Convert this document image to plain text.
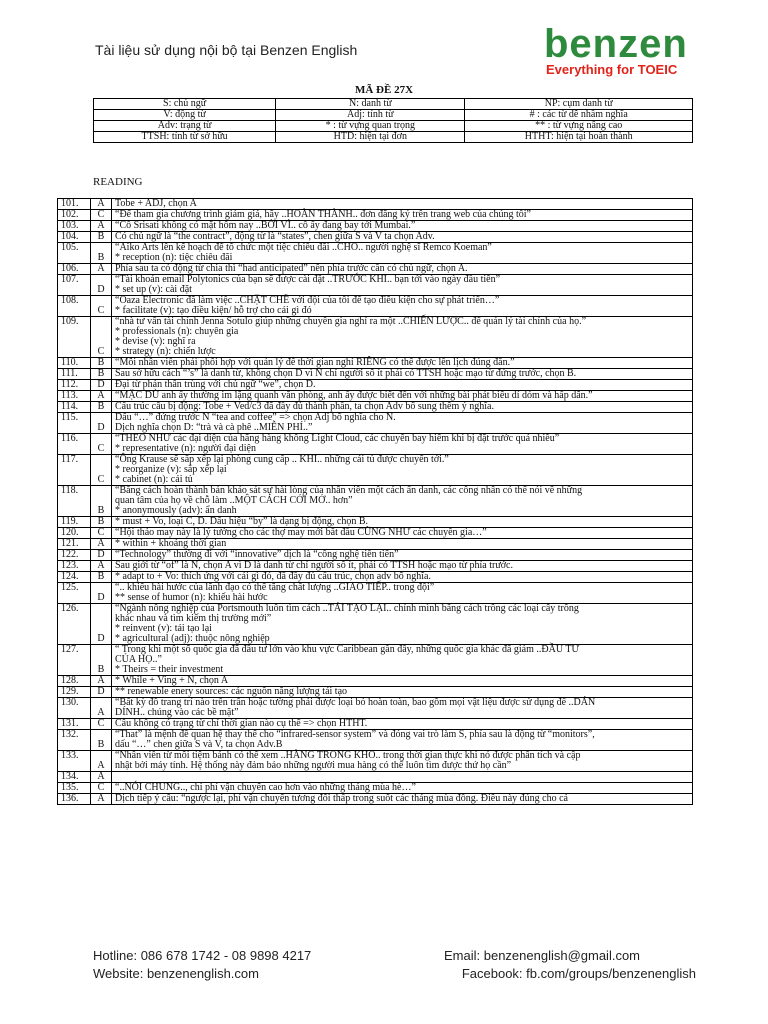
Tài liệu sử dụng nội bộ tại Benzen English	benzen
Everything for TOEIC
MÃ ĐỀ 27X
S: chủ ngữ	N: danh từ	NP: cụm danh từ
V: động từ	Adj: tính từ	# : các từ dễ nhầm nghĩa
Adv: trạng từ	* : từ vựng quan trọng	** : từ vựng nâng cao
TTSH: tính từ sở hữu	HTD: hiện tại đơn	HTHT: hiện tại hoàn thành
READING
101.	A	Tobe + ADJ, chọn A

102.	C	“Để tham gia chương trình giảm giá, hãy ..HOÀN THÀNH.. đơn đăng ký trên trang web của chúng tôi”

103.	A	“Cô Srisati không có mặt hôm nay ..BỞI VÌ.. cô ấy đang bay tới Mumbai.”

104.	B	Có chủ ngữ là “the contract”, động từ là “states”, chen giữa S và V ta chọn Adv.

105.	B	“Aiko Arts lên kế hoạch để tổ chức một tiệc chiêu đãi ..CHO.. người nghệ sĩ Remco Koeman”
* reception (n): tiệc chiêu đãi

106.	A	Phía sau ta có động từ chia thì “had anticipated” nên phía trước cần có chủ ngữ, chọn A.

107.	D	“Tài khoản email Polytonics của bạn sẽ được cài đặt ..TRƯỚC KHI.. bạn tới vào ngày đầu tiên”
* set up (v): cài đặt

108.	C	“Oaza Electronic đã làm việc ..CHẶT CHẼ với đội của tôi để tạo điều kiện cho sự phát triển…”
* facilitate (v): tạo điều kiện/ hỗ trợ cho cái gì đó

109.	C	“nhà tư vấn tài chính Jenna Sotulo giúp những chuyên gia nghỉ ra một ..CHIẾN LƯỢC.. để quản lý tài chính của họ.”
* professionals (n): chuyên gia
* devise (v): nghĩ ra
* strategy (n): chiến lược

110.	B	“Mỗi nhân viên phải phối hợp với quản lý để thời gian nghỉ RIÊNG có thể được lên lịch đúng đắn.”

111.	B	Sau sở hữu cách “’s” là danh từ, không chọn D vì N chỉ người số ít phải có TTSH hoặc mạo từ đứng trước, chọn B.

112.	D	Đại từ phản thân trùng với chủ ngữ “we”, chọn D.

113.	A	“MẶC DÙ anh ấy thường im lặng quanh văn phòng, anh ấy được biết đến với những bài phát biểu dí dỏm và hấp dẫn.”

114.	B	Cấu trúc câu bị động: Tobe + Ved/c3 đã đầy đủ thành phần, ta chọn Adv bổ sung thêm ý nghĩa.

115.	D	Dấu “…” đứng trước N “tea and coffee” => chọn Adj bổ nghĩa cho N.
Dịch nghĩa chọn D: “trà và cà phê ..MIỄN PHÍ..”

116.	C	“THEO NHƯ các đại diện của hãng hàng không Light Cloud, các chuyến bay hiếm khi bị đặt trước quá nhiều”
* representative (n): người đại diện

117.	C	“Ông Krause sẽ sắp xếp lại phòng cung cấp .. KHI.. những cái tủ được chuyển tới.”
* reorganize (v): sắp xếp lại
* cabinet (n): cái tủ

118.	B	“Bằng cách hoàn thành bản khảo sát sự hài lòng của nhân viên một cách ẩn danh, các công nhân có thể nói về những
quan tâm của họ về chỗ làm ..MỘT CÁCH CỞI MỞ.. hơn”
* anonymously (adv): ẩn danh

119.	B	* must + Vo, loại C, D. Dấu hiệu “by” là dạng bị động, chọn B.

120.	C	“Hội thảo may này là lý tưởng cho các thợ may mới bắt đầu CŨNG NHƯ các chuyên gia…”

121.	A	* within + khoảng thời gian

122.	D	“Technology” thường đi với “innovative” dịch là “công nghệ tiên tiến”

123.	A	Sau giới từ “of” là N, chọn A vì D là danh từ chỉ người số ít, phải có TTSH hoặc mạo từ phía trước.

124.	B	* adapt to + Vo: thích ứng với cái gì đó, đã đầy đủ cấu trúc, chọn adv bổ nghĩa.

125.	D	“.. khiếu hài hước của lãnh đạo có thể tăng chất lượng ..GIAO TIẾP.. trong đội”
** sense of humor (n): khiếu hài hước

126.	D	“Ngành nông nghiệp của Portsmouth luôn tìm cách ..TÁI TẠO LẠI.. chính mình bằng cách trồng các loại cây trồng
khác nhau và tìm kiếm thị trường mới”
* reinvent (v): tái tạo lại
* agricultural (adj): thuộc nông nghiệp

127.	B	“ Trong khi một số quốc gia đã đầu tư lớn vào khu vực Caribbean gần đây, những quốc gia khác đã giảm ..ĐẦU TƯ
CỦA HỌ..”
* Theirs = their investment

128.	A	* While + Ving + N, chọn A

129.	D	** renewable enery sources: các nguồn năng lượng tái tạo

130.	A	“Bất kỳ đồ trang trí nào trên trần hoặc tường phải được loại bỏ hoàn toàn, bao gồm mọi vật liệu được sử dụng để ..DÁN
DÍNH.. chúng vào các bề mặt”

131.	C	Câu không có trạng từ chỉ thời gian nào cụ thể => chọn HTHT.

132.	B	“That” là mệnh đề quan hệ thay thế cho “infrared-sensor system” và đóng vai trò làm S, phía sau là động từ “monitors”,
dấu “…” chen giữa S và V, ta chọn Adv.B

133.	A	“Nhân viên từ mỗi tiệm bánh có thể xem ..HÀNG TRONG KHO.. trong thời gian thực khi nó được phân tích và cập
nhật bởi máy tính. Hệ thống này đảm bảo những người mua hàng có thể luôn tìm được thứ họ cần”

134.	A	

135.	C	“..NÓI CHUNG.., chi phí vận chuyển cao hơn vào những tháng mùa hè…”

136.	A	Dịch tiếp ý câu: “ngược lại, phí vận chuyển tương đối thấp trong suốt các tháng mùa đông. Điều này đúng cho cả
Hotline: 086 678 1742 - 08 9898 4217
Website: benzenenglish.com
Email: benzenenglish@gmail.com
Facebook: fb.com/groups/benzenenglish
